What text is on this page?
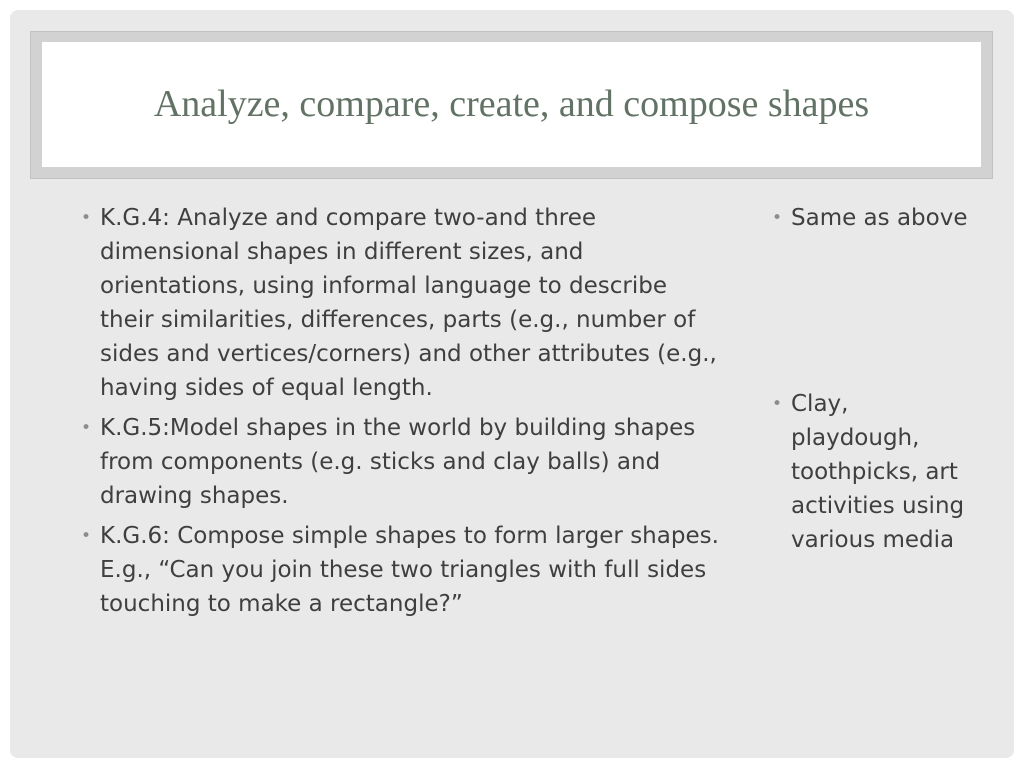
Analyze, compare, create, and compose shapes
• K.G.4: Analyze and compare two-and three dimensional shapes in different sizes, and orientations, using informal language to describe their similarities, differences, parts (e.g., number of sides and vertices/corners) and other attributes (e.g., having sides of equal length.
• K.G.5:Model shapes in the world by building shapes from components (e.g. sticks and clay balls) and drawing shapes.
• K.G.6: Compose simple shapes to form larger shapes. E.g., “Can you join these two triangles with full sides touching to make a rectangle?”
• Same as above
• Clay, playdough, toothpicks, art activities using various media
